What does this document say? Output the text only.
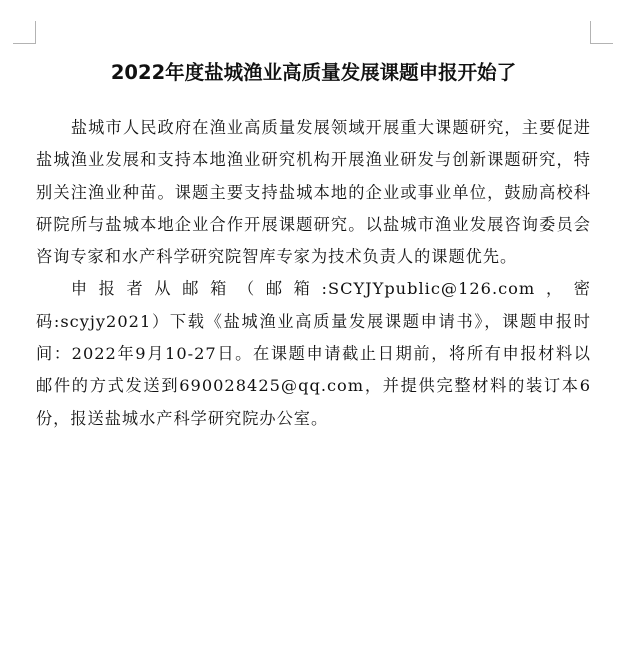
2022年度盐城渔业高质量发展课题申报开始了

盐城市人民政府在渔业高质量发展领域开展重大课题研究，主要促进盐城渔业发展和支持本地渔业研究机构开展渔业研发与创新课题研究，特别关注渔业种苗。课题主要支持盐城本地的企业或事业单位，鼓励高校科研院所与盐城本地企业合作开展课题研究。以盐城市渔业发展咨询委员会咨询专家和水产科学研究院智库专家为技术负责人的课题优先。

申报者从邮箱（邮箱:SCYJYpublic@126.com，密码:scyjy2021）下载《盐城渔业高质量发展课题申请书》，课题申报时间：2022年9月10-27日。在课题申请截止日期前，将所有申报材料以邮件的方式发送到690028425@qq.com，并提供完整材料的装订本6份，报送盐城水产科学研究院办公室。
